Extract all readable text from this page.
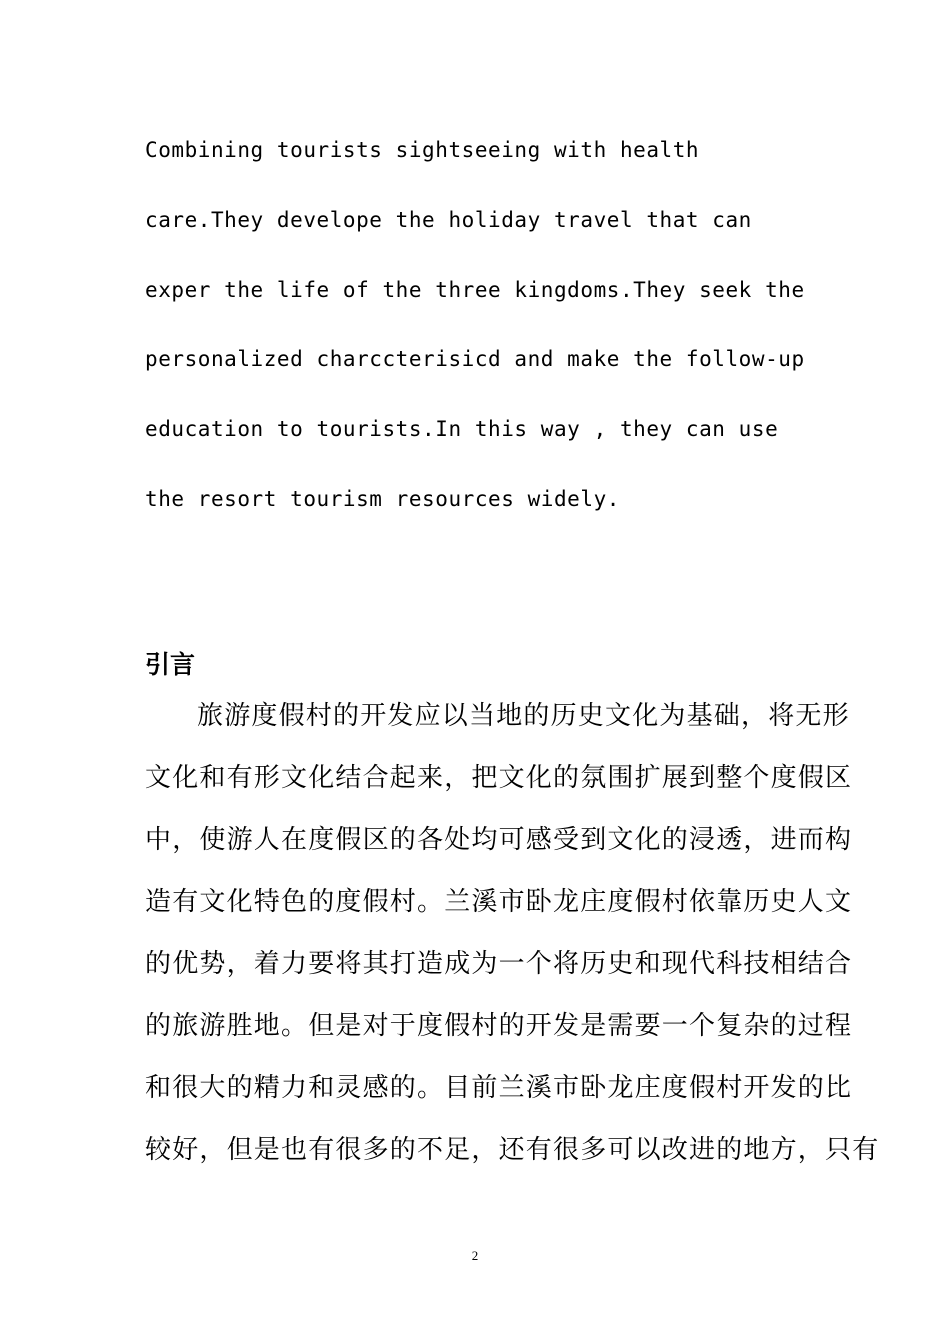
Combining tourists sightseeing with health
care.They develope the holiday travel that can
exper the life of the three kingdoms.They seek the
personalized charccterisicd and make the follow-up
education to tourists.In this way , they can use
the resort tourism resources widely.
引言
旅游度假村的开发应以当地的历史文化为基础，将无形
文化和有形文化结合起来，把文化的氛围扩展到整个度假区
中，使游人在度假区的各处均可感受到文化的浸透，进而构
造有文化特色的度假村。兰溪市卧龙庄度假村依靠历史人文
的优势，着力要将其打造成为一个将历史和现代科技相结合
的旅游胜地。但是对于度假村的开发是需要一个复杂的过程
和很大的精力和灵感的。目前兰溪市卧龙庄度假村开发的比
较好，但是也有很多的不足，还有很多可以改进的地方，只有
2
